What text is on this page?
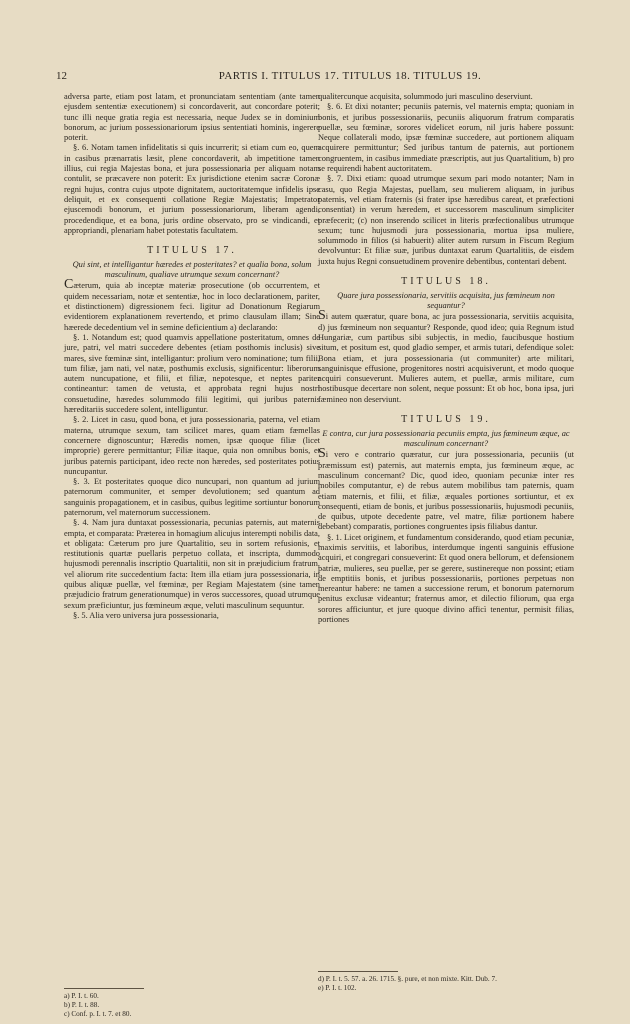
12	PARTIS I. TITULUS 17. TITULUS 18. TITULUS 19.

adversa parte, etiam post latam, et pronunciatam sententiam (ante tamen ejusdem sententiæ executionem) si concordaverit, aut concordare poterit; tunc illi neque gratia regia est necessaria, neque Judex se in dominium bonorum, ac jurium possessionariorum ipsius sententiati hominis, ingerere poterit.

§. 6. Notam tamen infidelitatis si quis incurrerit; si etiam cum eo, quem in casibus prænarratis læsit, plene concordaverit, ab impetitione tamen illius, cui regia Majestas bona, et jura possessionaria per aliquam notam contulit, se præcavere non poterit: Ex jurisdictione etenim sacræ Coronæ regni hujus, contra cujus utpote dignitatem, auctoritatemque infidelis ipse deliquit, et ex consequenti collatione Regiæ Majestatis; Impetrator ejuscemodi bonorum, et jurium possessionariorum, liberam agendi, procedendique, et ea bona, juris ordine observato, pro se vindicandi, et appropriandi, plenariam habet potestatis facultatem.

TITULUS 17.

Qui sint, et intelligantur hæredes et posteritates? et qualia bona, solum masculinum, qualiave utrumque sexum concernant?

Cæterum, quia ab inceptæ materiæ prosecutione (ob occurrentem, et quidem necessariam, notæ et sententiæ, hoc in loco declarationem, pariter, et distinctionem) digressionem feci. Iigitur ad Donationum Regiarum evidentiorem explanationem revertendo, et primo clausulam illam; Sine hæerede decedentium vel in semine deficientium a) declarando:

§. 1. Notandum est; quod quamvis appellatione posteritatum, omnes de jure, patri, vel matri succedere debentes (etiam posthomis inclusis) sive mares, sive fœminæ sint, intelligantur: prolium vero nominatione; tum filii, tum filiæ, jam nati, vel natæ, posthumis exclusis, significentur: liberorum autem nuncupatione, et filii, et filiæ, nepotesque, et neptes pariter contineantur: tamen de vetusta, et approbata regni hujus nostri consuetudine, hæredes solummodo filii legitimi, qui juribus paternis hæreditariis succedere solent, intelliguntur.

§. 2. Licet in casu, quod bona, et jura possessionaria, paterna, vel etiam materna, utrumque sexum, tam scilicet mares, quam etiam fæmellas concernere dignoscuntur; Hæredis nomen, ipsæ quoque filiæ (licet improprie) gerere permittantur; Filiæ itaque, quia non omnibus bonis, et juribus paternis participant, ideo recte non hæredes, sed posteritates potius nuncupantur.

§. 3. Et posteritates quoque dico nuncupari, non quantum ad jurium paternorum communiter, et semper devolutionem; sed quantum ad sanguinis propagationem, et in casibus, quibus legitime sortiuntur bonorum paternorum, vel maternorum successionem.

§. 4. Nam jura duntaxat possessionaria, pecunias paternis, aut maternis empta, et comparata: Præterea in homagium alicujus interempti nobilis data, et obligata: Cæterum pro jure Quartalitio, seu in sortem refusionis, et restitutionis quartæ puellaris perpetuo collata, et inscripta, dummodo hujusmodi perennalis inscriptio Quartalitii, non sit in præjudicium fratrum, vel aliorum rite succedentium facta: Item illa etiam jura possessionaria, in quibus aliquæ puellæ, vel fœminæ, per Regiam Majestatem (sine tamen præjudicio fratrum generationumque) in veros successores, quoad utrumque sexum præficiuntur, jus fœmineum æque, veluti masculinum sequuntur.

§. 5. Alia vero universa jura possessionaria,

a) P. I. t. 60.

b) P. I. t. 88.

c) Conf. p. I. t. 7. et 80.

qualitercunque acquisita, solummodo juri masculino deserviunt.

§. 6. Et dixi notanter; pecuniis paternis, vel maternis empta; quoniam in bonis, et juribus possessionariis, pecuniis aliquorum fratrum comparatis puellæ, seu fœminæ, sorores videlicet eorum, nil juris habere possunt: Neque collaterali modo, ipsæ fœminæ succedere, aut portionem aliquam acquirere permittuntur; Sed juribus tantum de paternis, aut portionem congruentem, in casibus immediate præscriptis, aut jus Quartalitium, b) pro se requirendi habent auctoritatem.

§. 7. Dixi etiam: quoad utrumque sexum pari modo notanter; Nam in casu, quo Regia Majestas, puellam, seu mulierem aliquam, in juribus paternis, vel etiam fraternis (si frater ipse hæredibus careat, et præfectioni consentiat) in verum hæredem, et successorem masculinum simpliciter præfecerit; (c) non inserendo scilicet in literis præfectionalibus utrumque sexum; tunc hujusmodi jura possessionaria, mortua ipsa muliere, solummodo in filios (si habuerit) aliter autem rursum in Fiscum Regium devolvuntur: Et filiæ suæ, juribus duntaxat earum Quartalitiis, de eisdem juxta hujus Regni consuetudinem provenire debentibus, contentari debent.

TITULUS 18.

Quare jura possessionaria, servitiis acquisita, jus fœmineum non sequantur?

Si autem quæratur, quare bona, ac jura possessionaria, servitiis acquisita, d) jus fœmineum non sequantur? Responde, quod ideo; quia Regnum istud Hungariæ, cum partibus sibi subjectis, in medio, faucibusque hostium situm, et positum est, quod gladio semper, et armis tutari, defendique solet: Bona etiam, et jura possessionaria (ut communiter) arte militari, sanguinisque effusione, progenitores nostri acquisiverunt, et modo quoque acquiri consueverunt. Mulieres autem, et puellæ, armis militare, cum hostibusque decertare non solent, neque possunt: Et ob hoc, bona ipsa, juri fæmineo non deserviunt.

TITULUS 19.

E contra, cur jura possessionaria pecuniis empta, jus fœmineum æque, ac masculinum concernant?

Si vero e contrario quæratur, cur jura possessionaria, pecuniis (ut præmissum est) paternis, aut maternis empta, jus fœmineum æque, ac masculinum concernant? Dic, quod ideo, quoniam pecuniæ inter res mobiles computantur, e) de rebus autem mobilibus tam paternis, quam etiam maternis, et filii, et filiæ, æquales portiones sortiuntur, et ex consequenti, etiam de bonis, et juribus possessionariis, hujusmodi pecuniis, de quibus, utpote decedente patre, vel matre, filiæ portionem habere debebant) comparatis, portiones congruentes ipsis filiabus dantur.

§. 1. Licet originem, et fundamentum considerando, quod etiam pecuniæ, maximis servitiis, et laboribus, interdumque ingenti sanguinis effusione acquiri, et congregari consueverint: Et quod onera bellorum, et defensionem patriæ, mulieres, seu puellæ, per se gerere, sustinereque non possint; etiam de emptitiis bonis, et juribus possessionariis, portiones perpetuas non mereantur habere: ne tamen a successione rerum, et bonorum paternorum penitus exclusæ videantur; fraternus amor, et dilectio filiorum, qua erga sorores afficiuntur, et jure quoque divino afficì tenentur, permisit filias, portiones

d) P. I. t. 5. 57. a. 26. 1715. §. pure, et non mixte. Kitt. Dub. 7.

e) P. I. t. 102.
